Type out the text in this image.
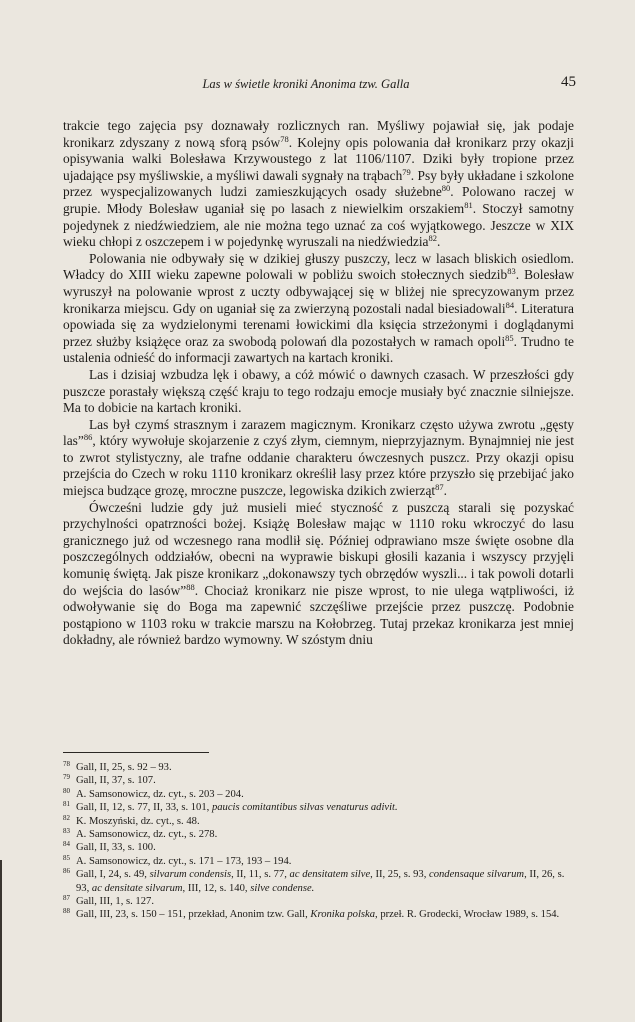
Las w świetle kroniki Anonima tzw. Galla	45

trakcie tego zajęcia psy doznawały rozlicznych ran. Myśliwy pojawiał się, jak podaje kronikarz zdyszany z nową sforą psów$^{78}$. Kolejny opis polowania dał kronikarz przy okazji opisywania walki Bolesława Krzywoustego z lat 1106/1107. Dziki były tropione przez ujadające psy myśliwskie, a myśliwi dawali sygnały na trąbach$^{79}$. Psy były układane i szkolone przez wyspecjalizowanych ludzi zamieszkujących osady służebne$^{80}$. Polowano raczej w grupie. Młody Bolesław uganiał się po lasach z niewielkim orszakiem$^{81}$. Stoczył samotny pojedynek z niedźwiedziem, ale nie można tego uznać za coś wyjątkowego. Jeszcze w XIX wieku chłopi z oszczepem i w pojedynkę wyruszali na niedźwiedzia$^{82}$.

Polowania nie odbywały się w dzikiej głuszy puszczy, lecz w lasach bliskich osiedlom. Władcy do XIII wieku zapewne polowali w pobliżu swoich stołecznych siedzib$^{83}$. Bolesław wyruszył na polowanie wprost z uczty odbywającej się w bliżej nie sprecyzowanym przez kronikarza miejscu. Gdy on uganiał się za zwierzyną pozostali nadal biesiadowali$^{84}$. Literatura opowiada się za wydzielonymi terenami łowickimi dla księcia strzeżonymi i doglądanymi przez służby książęce oraz za swobodą polowań dla pozostałych w ramach opoli$^{85}$. Trudno te ustalenia odnieść do informacji zawartych na kartach kroniki.

Las i dzisiaj wzbudza lęk i obawy, a cóż mówić o dawnych czasach. W przeszłości gdy puszcze porastały większą część kraju to tego rodzaju emocje musiały być znacznie silniejsze. Ma to dobicie na kartach kroniki.

Las był czymś strasznym i zarazem magicznym. Kronikarz często używa zwrotu „gęsty las”$^{86}$, który wywołuje skojarzenie z czyś złym, ciemnym, nieprzyjaznym. Bynajmniej nie jest to zwrot stylistyczny, ale trafne oddanie charakteru ówczesnych puszcz. Przy okazji opisu przejścia do Czech w roku 1110 kronikarz określił lasy przez które przyszło się przebijać jako miejsca budzące grozę, mroczne puszcze, legowiska dzikich zwierząt$^{87}$.

Ówcześni ludzie gdy już musieli mieć styczność z puszczą starali się pozyskać przychylności opatrzności bożej. Książę Bolesław mając w 1110 roku wkroczyć do lasu granicznego już od wczesnego rana modlił się. Później odprawiano msze święte osobne dla poszczególnych oddziałów, obecni na wyprawie biskupi głosili kazania i wszyscy przyjęli komunię świętą. Jak pisze kronikarz „dokonawszy tych obrzędów wyszli... i tak powoli dotarli do wejścia do lasów”$^{88}$. Chociaż kronikarz nie pisze wprost, to nie ulega wątpliwości, iż odwoływanie się do Boga ma zapewnić szczęśliwe przejście przez puszczę. Podobnie postąpiono w 1103 roku w trakcie marszu na Kołobrzeg. Tutaj przekaz kronikarza jest mniej dokładny, ale również bardzo wymowny. W szóstym dniu

78 Gall, II, 25, s. 92 – 93.
79 Gall, II, 37, s. 107.
80 A. Samsonowicz, dz. cyt., s. 203 – 204.
81 Gall, II, 12, s. 77, II, 33, s. 101, paucis comitantibus silvas venaturus adivit.
82 K. Moszyński, dz. cyt., s. 48.
83 A. Samsonowicz, dz. cyt., s. 278.
84 Gall, II, 33, s. 100.
85 A. Samsonowicz, dz. cyt., s. 171 – 173, 193 – 194.
86 Gall, I, 24, s. 49, silvarum condensis, II, 11, s. 77, ac densitatem silve, II, 25, s. 93, condensaque silvarum, II, 26, s. 93, ac densitate silvarum, III, 12, s. 140, silve condense.
87 Gall, III, 1, s. 127.
88 Gall, III, 23, s. 150 – 151, przekład, Anonim tzw. Gall, Kronika polska, przeł. R. Grodecki, Wrocław 1989, s. 154.
